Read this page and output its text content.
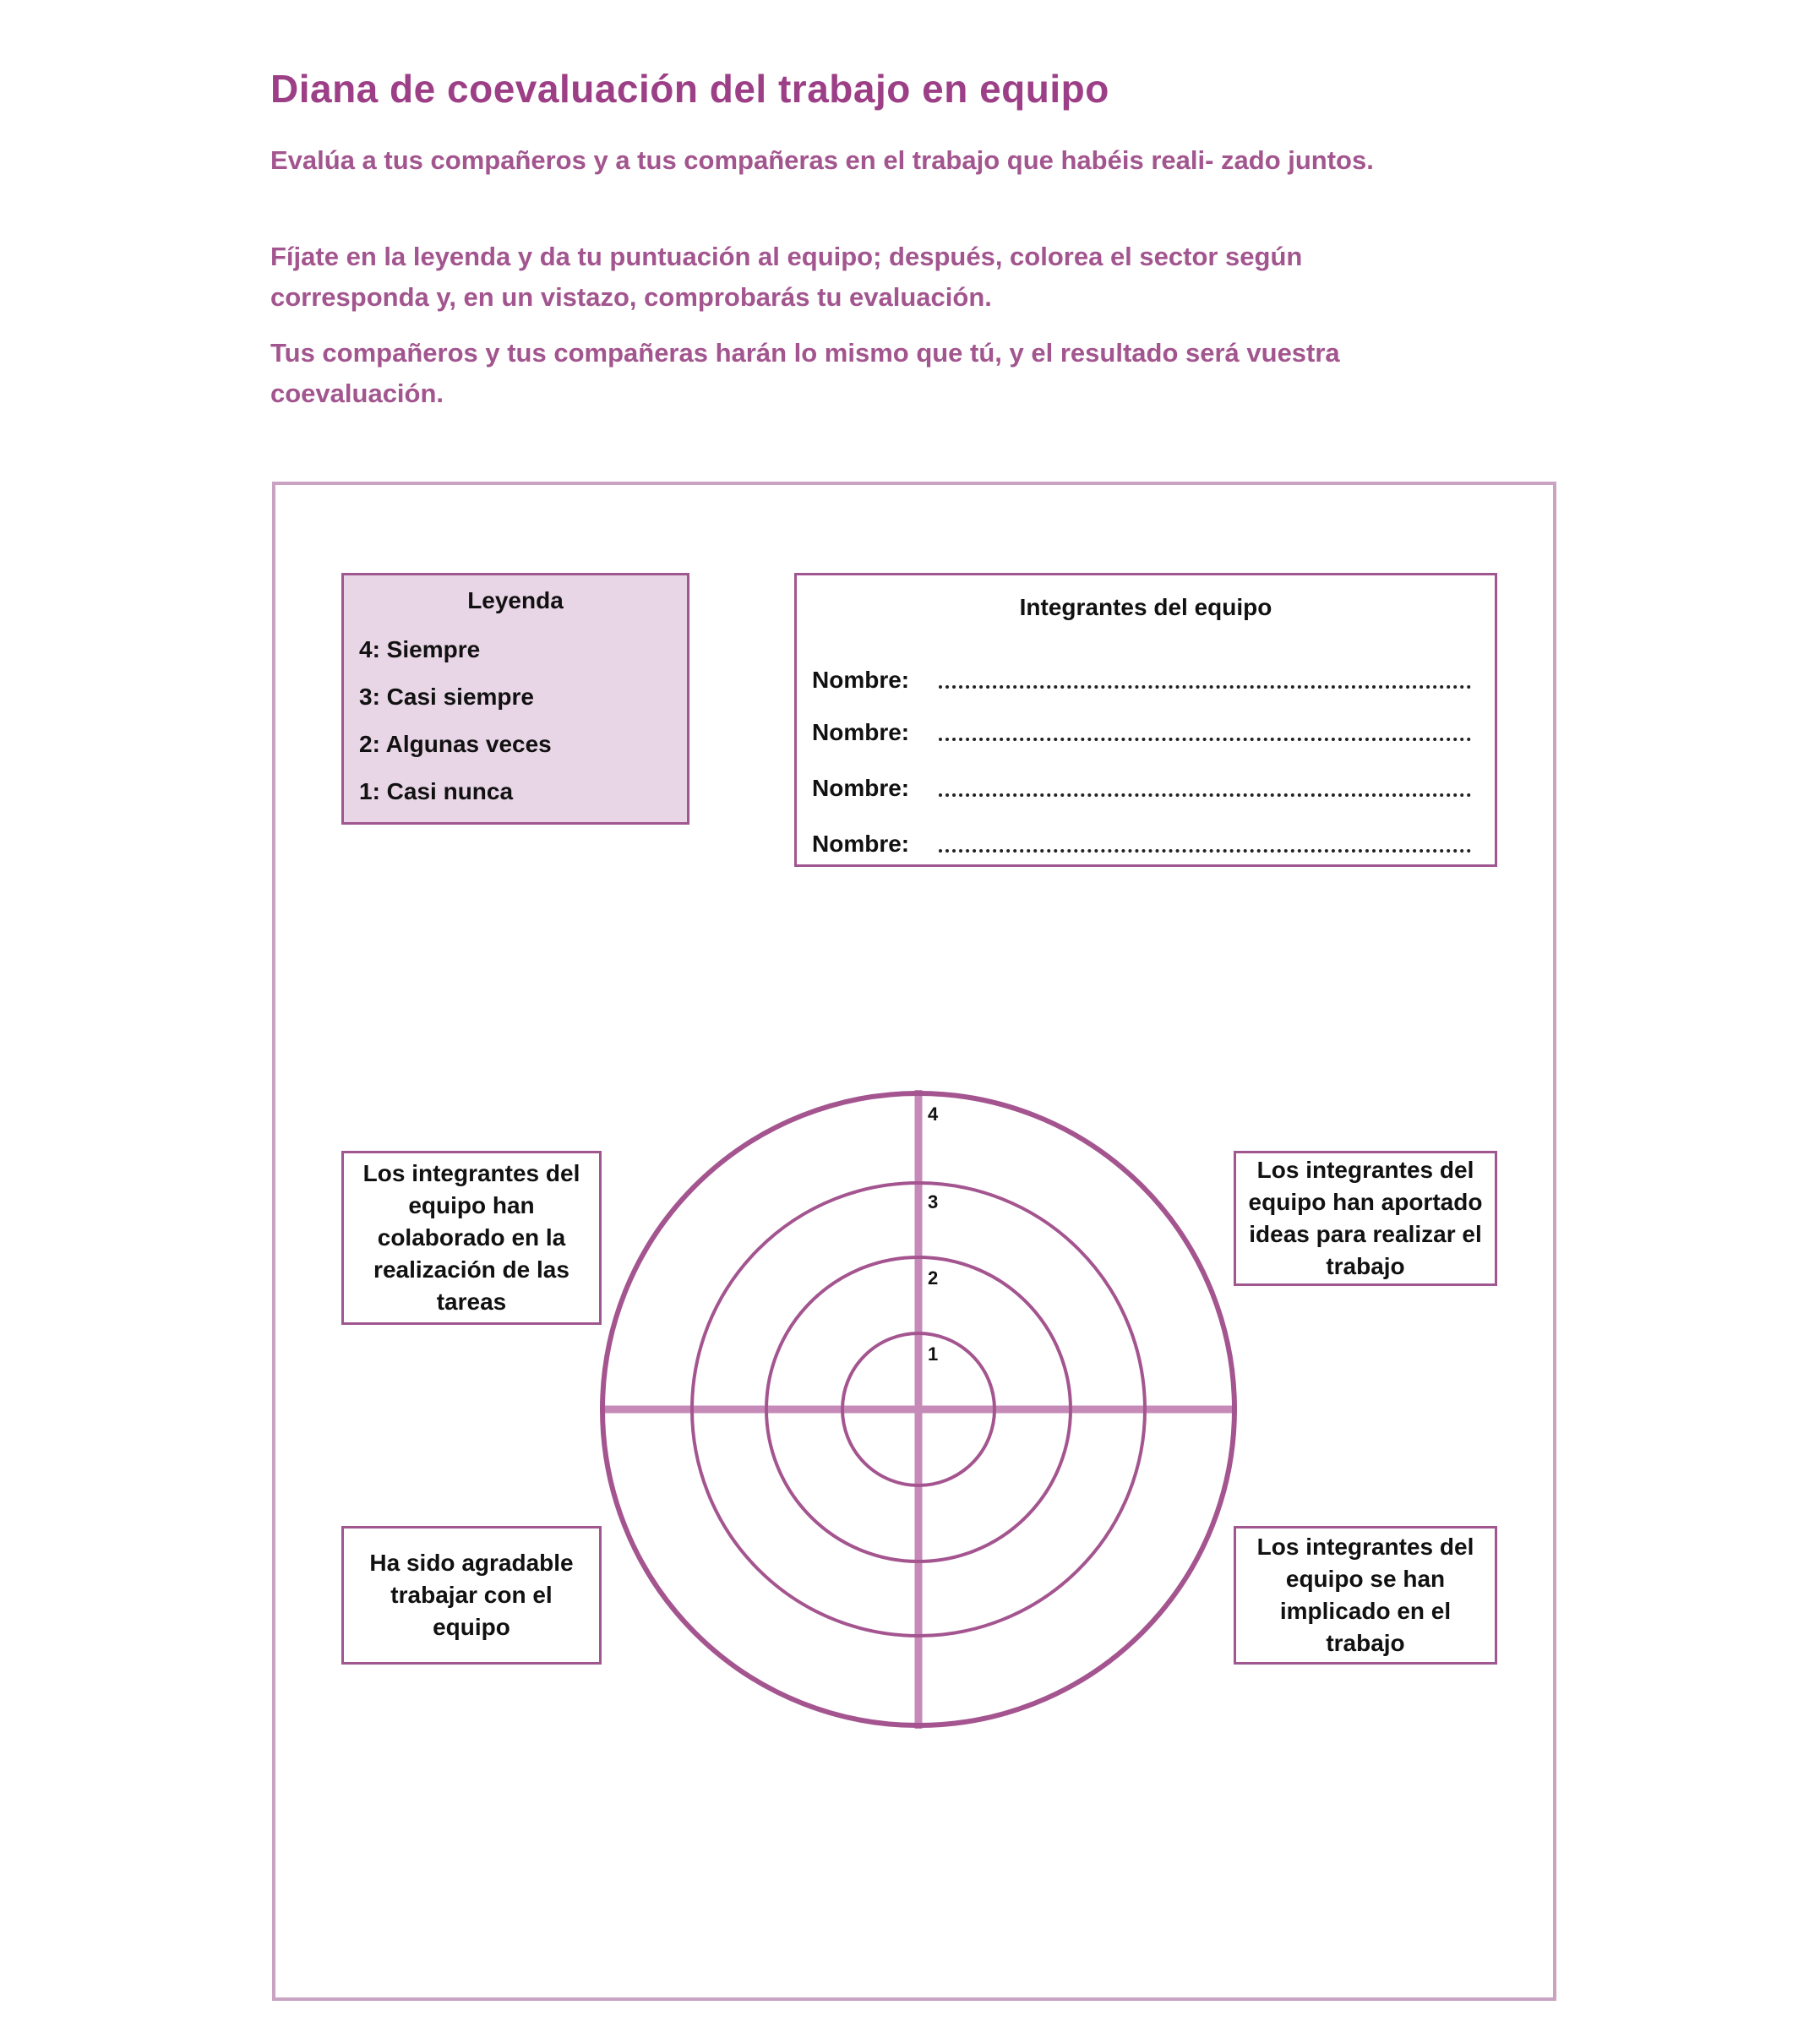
Diana de coevaluación del trabajo en equipo

Evalúa a tus compañeros y a tus compañeras en el trabajo que habéis reali- zado juntos.

Fíjate en la leyenda y da tu puntuación al equipo; después, colorea el sector según corresponda y, en un vistazo, comprobarás tu evaluación.

Tus compañeros y tus compañeras harán lo mismo que tú, y el resultado será vuestra coevaluación.

Leyenda
4: Siempre
3: Casi siempre
2: Algunas veces
1: Casi nunca
Integrantes del equipo
Nombre:
Nombre:
Nombre:
Nombre:
1
2
3
4
Los integrantes del equipo han colaborado en la realización de las tareas
Los integrantes del equipo han aportado ideas para realizar el trabajo
Ha sido agradable trabajar con el equipo
Los integrantes del equipo se han implicado en el trabajo
